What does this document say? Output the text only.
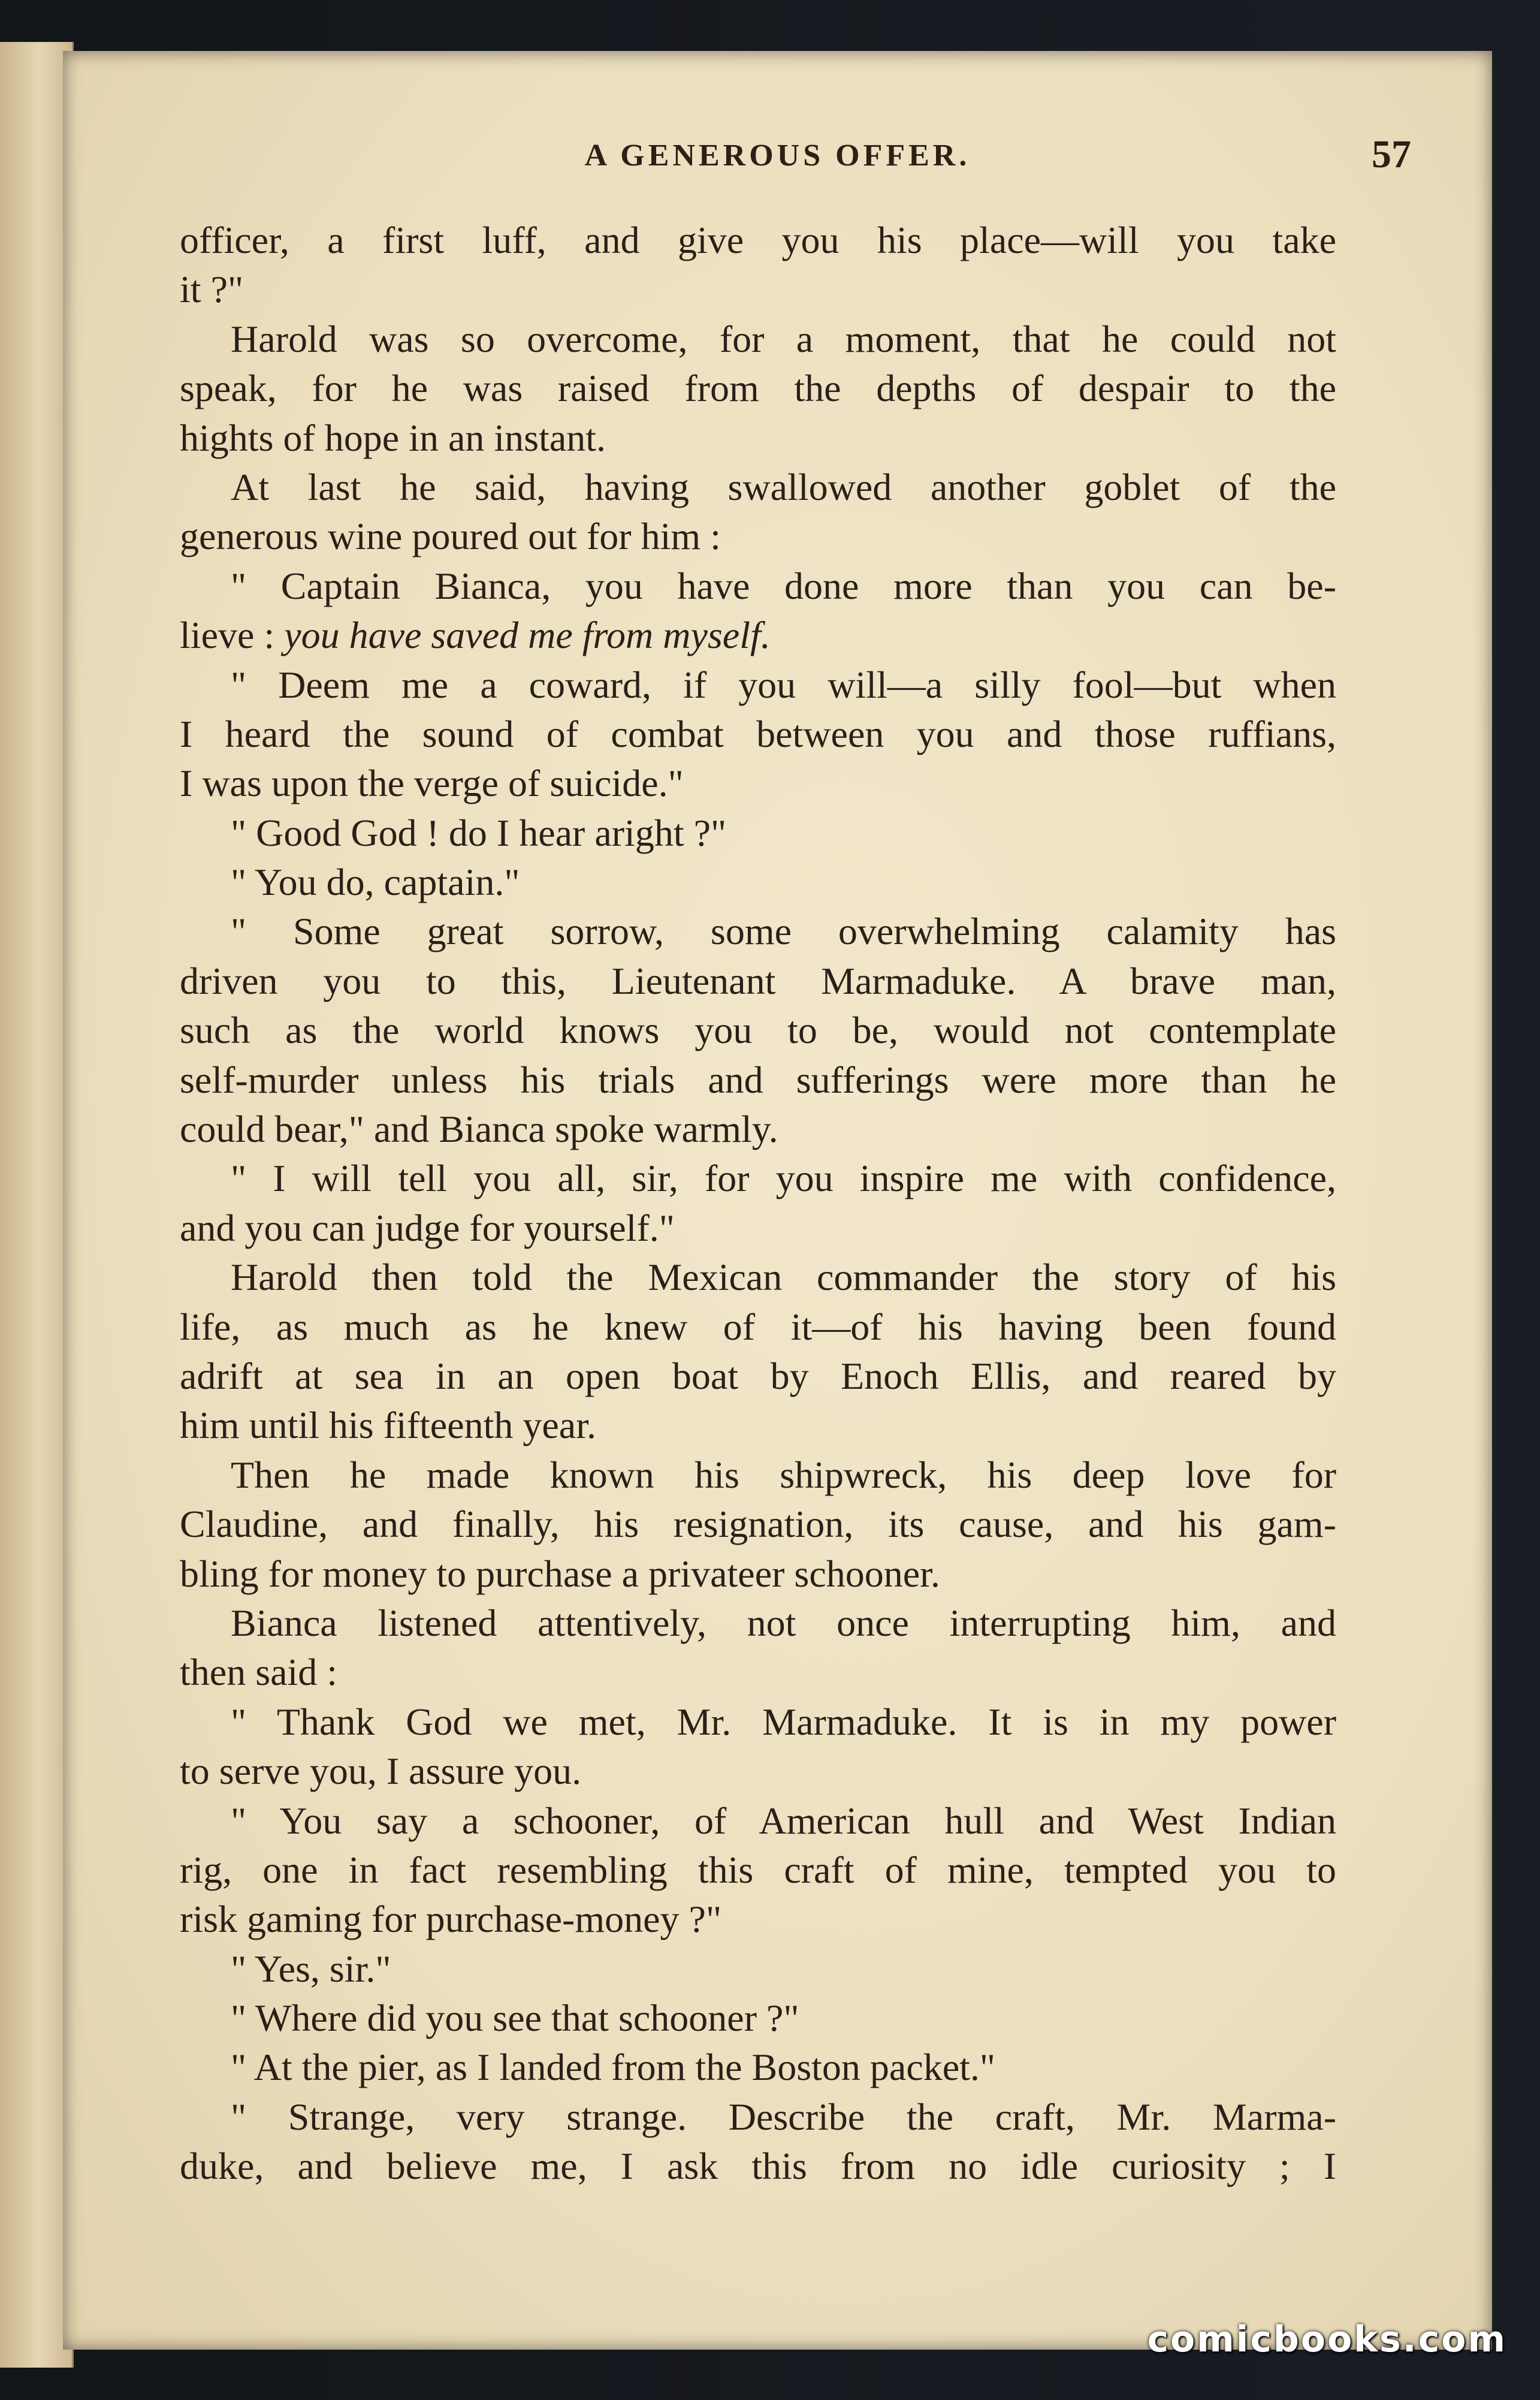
A GENEROUS OFFER.	57
officer, a first luff, and give you his place—will you take
it ?"
Harold was so overcome, for a moment, that he could not
speak, for he was raised from the depths of despair to the
hights of hope in an instant.
At last he said, having swallowed another goblet of the
generous wine poured out for him :
" Captain Bianca, you have done more than you can be-
lieve : you have saved me from myself.
" Deem me a coward, if you will—a silly fool—but when
I heard the sound of combat between you and those ruffians,
I was upon the verge of suicide."
" Good God ! do I hear aright ?"
" You do, captain."
" Some great sorrow, some overwhelming calamity has
driven you to this, Lieutenant Marmaduke. A brave man,
such as the world knows you to be, would not contemplate
self-murder unless his trials and sufferings were more than he
could bear," and Bianca spoke warmly.
" I will tell you all, sir, for you inspire me with confidence,
and you can judge for yourself."
Harold then told the Mexican commander the story of his
life, as much as he knew of it—of his having been found
adrift at sea in an open boat by Enoch Ellis, and reared by
him until his fifteenth year.
Then he made known his shipwreck, his deep love for
Claudine, and finally, his resignation, its cause, and his gam-
bling for money to purchase a privateer schooner.
Bianca listened attentively, not once interrupting him, and
then said :
" Thank God we met, Mr. Marmaduke. It is in my power
to serve you, I assure you.
" You say a schooner, of American hull and West Indian
rig, one in fact resembling this craft of mine, tempted you to
risk gaming for purchase-money ?"
" Yes, sir."
" Where did you see that schooner ?"
" At the pier, as I landed from the Boston packet."
" Strange, very strange. Describe the craft, Mr. Marma-
duke, and believe me, I ask this from no idle curiosity ; I
comicbooks.com
